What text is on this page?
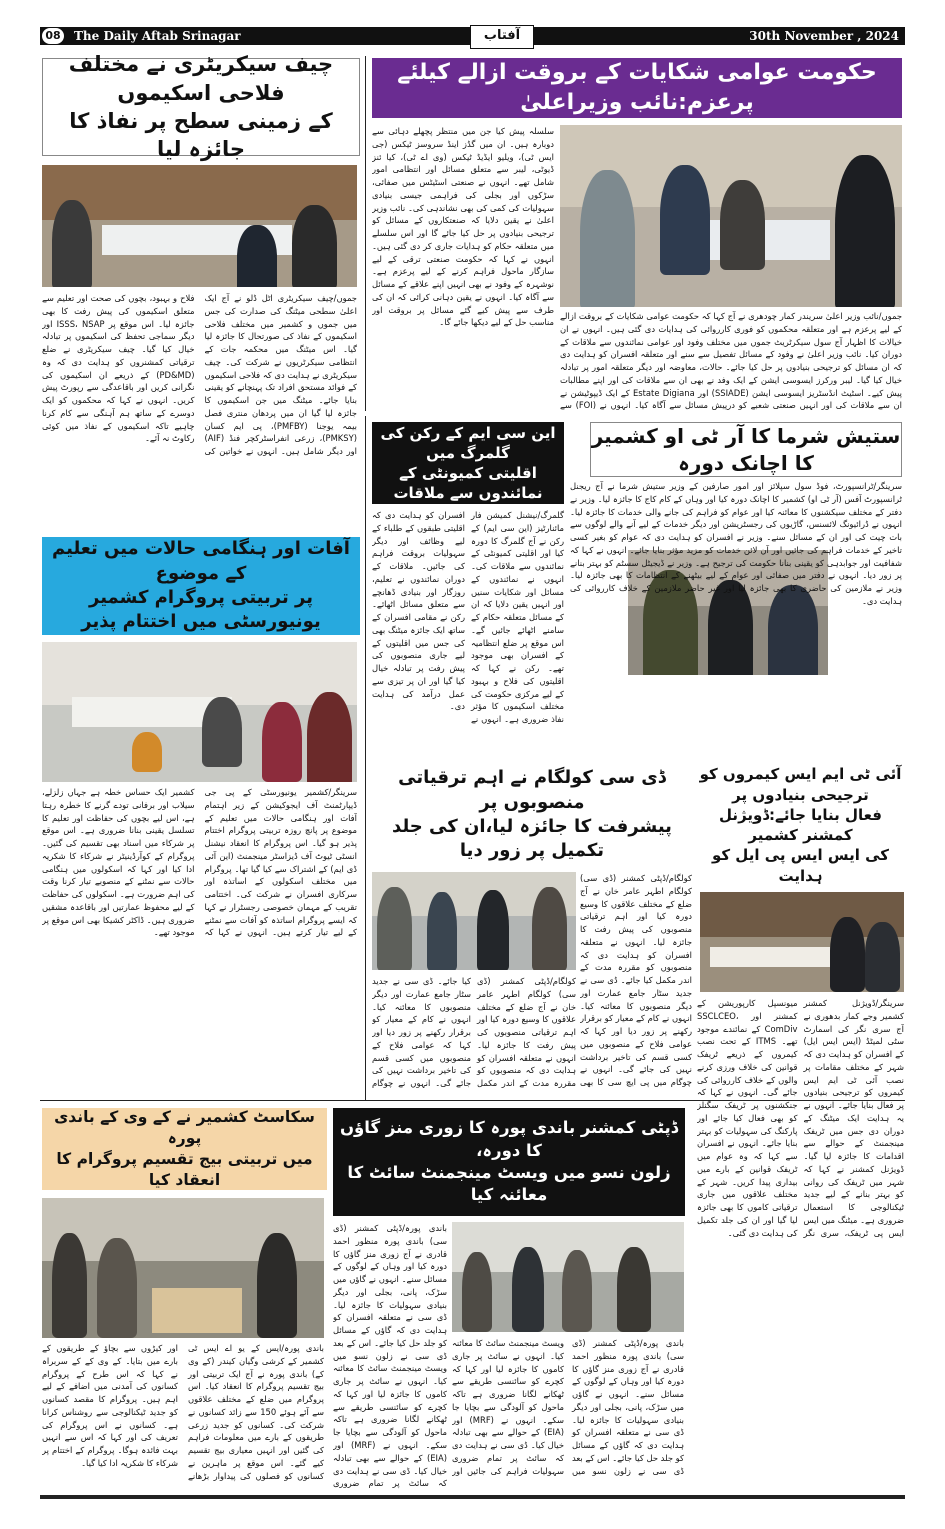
08 The Daily Aftab Srinagar	آفتاب	30th November , 2024
حکومت عوامی شکایات کے بروقت ازالے کیلئے پرعزم:نائب وزیراعلیٰ
جموں/نائب وزیر اعلیٰ سریندر کمار چودھری نے آج کہا کہ حکومت عوامی شکایات کے بروقت ازالے کے لیے پرعزم ہے اور متعلقہ محکموں کو فوری کارروائی کی ہدایات دی گئی ہیں۔ انہوں نے ان خیالات کا اظہار آج سول سیکرٹریٹ جموں میں مختلف وفود اور عوامی نمائندوں سے ملاقات کے دوران کیا۔ نائب وزیر اعلیٰ نے وفود کے مسائل تفصیل سے سنے اور متعلقہ افسران کو ہدایت دی کہ ان مسائل کو ترجیحی بنیادوں پر حل کیا جائے۔ حالات، معاوضہ اور دیگر متعلقہ امور پر تبادلہ خیال کیا گیا۔ لیبر ورکرز ایسوسی ایشن کے ایک وفد نے بھی ان سے ملاقات کی اور اپنے مطالبات پیش کیے۔ اسٹیٹ انڈسٹریز ایسوسی ایشن (SSIADE) اور Estate Digiana کے ایک ڈیپوٹیشن نے ان سے ملاقات کی اور انہیں صنعتی شعبے کو درپیش مسائل سے آگاہ کیا۔ انہوں نے (FOI) سے
سلسلہ پیش کیا جن میں منتظر پچھلے دہائی سے دوبارہ ہیں۔ ان میں گڈز اینڈ سروسز ٹیکس (جی ایس ٹی)، ویلیو ایڈیڈ ٹیکس (وی اے ٹی)، کیا ئنز ڈیوٹی، لیبر سے متعلق مسائل اور انتظامی امور شامل تھے۔ انہوں نے صنعتی اسٹیٹس میں صفائی، سڑکوں اور بجلی کی فراہمی جیسی بنیادی سہولیات کی کمی کی بھی نشاندہی کی۔ نائب وزیر اعلیٰ نے یقین دلایا کہ صنعتکاروں کے مسائل کو ترجیحی بنیادوں پر حل کیا جائے گا اور اس سلسلے میں متعلقہ حکام کو ہدایات جاری کر دی گئی ہیں۔ انہوں نے کہا کہ حکومت صنعتی ترقی کے لیے سازگار ماحول فراہم کرنے کے لیے پرعزم ہے۔ نوشہرہ کے وفود نے بھی انہیں اپنے علاقے کے مسائل سے آگاہ کیا۔ انہوں نے یقین دہانی کرائی کہ ان کی طرف سے پیش کیے گئے مسائل پر بروقت اور مناسب حل کے لیے دیکھا جائے گا۔
چیف سیکریٹری نے مختلف فلاحی اسکیموں
کے زمینی سطح پر نفاذ کا جائزہ لیا
جموں/چیف سیکریٹری اٹل ڈلو نے آج ایک اعلیٰ سطحی میٹنگ کی صدارت کی جس میں جموں و کشمیر میں مختلف فلاحی اسکیموں کے نفاذ کی صورتحال کا جائزہ لیا گیا۔ اس میٹنگ میں محکمہ جات کے انتظامی سیکرٹریوں نے شرکت کی۔ چیف سیکریٹری نے ہدایت دی کہ فلاحی اسکیموں کے فوائد مستحق افراد تک پہنچانے کو یقینی بنایا جائے۔ میٹنگ میں جن اسکیموں کا جائزہ لیا گیا ان میں پردھان منتری فصل بیمہ یوجنا (PMFBY)، پی ایم کسان (PMKSY)، زرعی انفراسٹرکچر فنڈ (AIF) اور دیگر شامل ہیں۔ انہوں نے خواتین کی فلاح و بہبود، بچوں کی صحت اور تعلیم سے متعلق اسکیموں کی پیش رفت کا بھی جائزہ لیا۔ اس موقع پر ISSS، NSAP اور دیگر سماجی تحفظ کی اسکیموں پر تبادلہ خیال کیا گیا۔ چیف سیکریٹری نے ضلع ترقیاتی کمشنروں کو ہدایت دی کہ وہ (PD&MD) کے ذریعے ان اسکیموں کی نگرانی کریں اور باقاعدگی سے رپورٹ پیش کریں۔ انہوں نے کہا کہ محکموں کو ایک دوسرے کے ساتھ ہم آہنگی سے کام کرنا چاہیے تاکہ اسکیموں کے نفاذ میں کوئی رکاوٹ نہ آئے۔
آفات اور ہنگامی حالات میں تعلیم کے موضوع
پر تربیتی پروگرام کشمیر یونیورسٹی میں اختتام پذیر
سرینگر/کشمیر یونیورسٹی کے پی جی ڈیپارٹمنٹ آف ایجوکیشن کے زیر اہتمام آفات اور ہنگامی حالات میں تعلیم کے موضوع پر پانچ روزہ تربیتی پروگرام اختتام پذیر ہو گیا۔ اس پروگرام کا انعقاد نیشنل انسٹی ٹیوٹ آف ڈیزاسٹر مینجمنٹ (این آئی ڈی ایم) کے اشتراک سے کیا گیا تھا۔ پروگرام میں مختلف اسکولوں کے اساتذہ اور سرکاری افسران نے شرکت کی۔ اختتامی تقریب کے مہمان خصوصی رجسٹرار نے کہا کہ ایسے پروگرام اساتذہ کو آفات سے نمٹنے کے لیے تیار کرتے ہیں۔ انہوں نے کہا کہ کشمیر ایک حساس خطہ ہے جہاں زلزلے، سیلاب اور برفانی تودے گرنے کا خطرہ رہتا ہے، اس لیے بچوں کی حفاظت اور تعلیم کا تسلسل یقینی بنانا ضروری ہے۔ اس موقع پر شرکاء میں اسناد بھی تقسیم کی گئیں۔ پروگرام کے کوآرڈینیٹر نے شرکاء کا شکریہ ادا کیا اور کہا کہ اسکولوں میں ہنگامی حالات سے نمٹنے کے منصوبے تیار کرنا وقت کی اہم ضرورت ہے۔ اسکولوں کی حفاظت کے لیے محفوظ عمارتیں اور باقاعدہ مشقیں ضروری ہیں۔ ڈاکٹر کشیکا بھی اس موقع پر موجود تھے۔
این سی ایم کے رکن کی گلمرگ میں
اقلیتی کمیونٹی کے نمائندوں سے ملاقات
گلمرگ/نیشنل کمیشن فار مائنارٹیز (این سی ایم) کے رکن نے آج گلمرگ کا دورہ کیا اور اقلیتی کمیونٹی کے نمائندوں سے ملاقات کی۔ انہوں نے نمائندوں کے مسائل اور شکایات سنیں اور انہیں یقین دلایا کہ ان کے مسائل متعلقہ حکام کے سامنے اٹھائے جائیں گے۔ اس موقع پر ضلع انتظامیہ کے افسران بھی موجود تھے۔ رکن نے کہا کہ اقلیتوں کی فلاح و بہبود کے لیے مرکزی حکومت کی مختلف اسکیموں کا مؤثر نفاذ ضروری ہے۔ انہوں نے افسران کو ہدایت دی کہ اقلیتی طبقوں کے طلباء کے لیے وظائف اور دیگر سہولیات بروقت فراہم کی جائیں۔ ملاقات کے دوران نمائندوں نے تعلیم، روزگار اور بنیادی ڈھانچے سے متعلق مسائل اٹھائے۔ رکن نے مقامی افسران کے ساتھ ایک جائزہ میٹنگ بھی کی جس میں اقلیتوں کے لیے جاری منصوبوں کی پیش رفت پر تبادلہ خیال کیا گیا اور ان پر تیزی سے عمل درآمد کی ہدایت دی۔
ستیش شرما کا آر ٹی او کشمیر کا اچانک دورہ
سرینگر/ٹرانسپورٹ، فوڈ سول سپلائز اور امور صارفین کے وزیر ستیش شرما نے آج ریجنل ٹرانسپورٹ آفس (آر ٹی او) کشمیر کا اچانک دورہ کیا اور وہاں کے کام کاج کا جائزہ لیا۔ وزیر نے دفتر کے مختلف سیکشنوں کا معائنہ کیا اور عوام کو فراہم کی جانے والی خدمات کا جائزہ لیا۔ انہوں نے ڈرائیونگ لائسنس، گاڑیوں کی رجسٹریشن اور دیگر خدمات کے لیے آنے والے لوگوں سے بات چیت کی اور ان کے مسائل سنے۔ وزیر نے افسران کو ہدایت دی کہ عوام کو بغیر کسی تاخیر کے خدمات فراہم کی جائیں اور آن لائن خدمات کو مزید مؤثر بنایا جائے۔ انہوں نے کہا کہ شفافیت اور جوابدہی کو یقینی بنانا حکومت کی ترجیح ہے۔ وزیر نے ڈیجیٹل سسٹم کو بہتر بنانے پر زور دیا۔ انہوں نے دفتر میں صفائی اور عوام کے لیے بیٹھنے کے انتظامات کا بھی جائزہ لیا۔ وزیر نے ملازمین کی حاضری کا بھی جائزہ لیا اور غیر حاضر ملازمین کے خلاف کارروائی کی ہدایت دی۔
ڈی سی کولگام نے اہم ترقیاتی منصوبوں پر
پیشرفت کا جائزہ لیا،ان کی جلد تکمیل پر زور دیا
کولگام/ڈپٹی کمشنر (ڈی سی) کولگام اطہر عامر خان نے آج ضلع کے مختلف علاقوں کا وسیع دورہ کیا اور اہم ترقیاتی منصوبوں کی پیش رفت کا جائزہ لیا۔ انہوں نے متعلقہ افسران کو ہدایت دی کہ منصوبوں کو مقررہ مدت کے اندر مکمل کیا جائے۔ ڈی سی نے جدید سٹار جامع عمارت اور دیگر منصوبوں کا معائنہ کیا۔ انہوں نے کام کے معیار کو برقرار رکھنے پر زور دیا اور کہا کہ عوامی فلاح کے منصوبوں میں کسی قسم کی تاخیر برداشت نہیں کی جائے گی۔ انہوں نے چوگام میں پی ایچ سی کا بھی
کولگام/ڈپٹی کمشنر (ڈی سی) کولگام اطہر عامر خان نے آج ضلع کے مختلف علاقوں کا وسیع دورہ کیا اور اہم ترقیاتی منصوبوں کی پیش رفت کا جائزہ لیا۔ انہوں نے متعلقہ افسران کو ہدایت دی کہ منصوبوں کو مقررہ مدت کے اندر مکمل کیا جائے۔ ڈی سی نے جدید سٹار جامع عمارت اور دیگر منصوبوں کا معائنہ کیا۔ انہوں نے کام کے معیار کو برقرار رکھنے پر زور دیا اور کہا کہ عوامی فلاح کے منصوبوں میں کسی قسم کی تاخیر برداشت نہیں کی جائے گی۔ انہوں نے چوگام
آئی ٹی ایم ایس کیمروں کو ترجیحی بنیادوں پر
فعال بنایا جائے:ڈویژنل کمشنر کشمیر
کی ایس ایس پی ایل کو ہدایت
سرینگر/ڈویژنل کمشنر کشمیر وجے کمار بدھوری نے آج سری نگر کی اسمارٹ سٹی لمیٹڈ (ایس ایس ایل) کے افسران کو ہدایت دی کہ شہر کے مختلف مقامات پر نصب آئی ٹی ایم ایس کیمروں کو ترجیحی بنیادوں پر فعال بنایا جائے۔ انہوں نے یہ ہدایت ایک میٹنگ کے دوران دی جس میں ٹریفک مینجمنٹ کے حوالے سے اقدامات کا جائزہ لیا گیا۔ ڈویژنل کمشنر نے کہا کہ شہر میں ٹریفک کی روانی کو بہتر بنانے کے لیے جدید ٹیکنالوجی کا استعمال ضروری ہے۔ میٹنگ میں ایس ایس پی ٹریفک، سری نگر میونسپل کارپوریشن کے کمشنر اور SSCLCEO، ComDiv کے نمائندے موجود تھے۔ ITMS کے تحت نصب کیمروں کے ذریعے ٹریفک قوانین کی خلاف ورزی کرنے والوں کے خلاف کارروائی کی جائے گی۔ انہوں نے کہا کہ جنکشنوں پر ٹریفک سگنلز کو بھی فعال کیا جائے اور پارکنگ کی سہولیات کو بہتر بنایا جائے۔ انہوں نے افسران سے کہا کہ وہ عوام میں ٹریفک قوانین کے بارے میں بیداری پیدا کریں۔ شہر کے مختلف علاقوں میں جاری ترقیاتی کاموں کا بھی جائزہ لیا گیا اور ان کی جلد تکمیل کی ہدایت دی گئی۔
سکاسٹ کشمیر نے کے وی کے باندی پورہ
میں تربیتی بیج تقسیم پروگرام کا انعقاد کیا
باندی پورہ/ایس کے یو اے ایس ٹی کشمیر کے کرشی وگیان کیندر (کے وی کے) باندی پورہ نے آج ایک تربیتی اور بیج تقسیم پروگرام کا انعقاد کیا۔ اس پروگرام میں ضلع کے مختلف علاقوں سے آئے ہوئے 150 سے زائد کسانوں نے شرکت کی۔ کسانوں کو جدید زرعی طریقوں کے بارے میں معلومات فراہم کی گئیں اور انہیں معیاری بیج تقسیم کیے گئے۔ اس موقع پر ماہرین نے کسانوں کو فصلوں کی پیداوار بڑھانے اور کیڑوں سے بچاؤ کے طریقوں کے بارے میں بتایا۔ کے وی کے کے سربراہ نے کہا کہ اس طرح کے پروگرام کسانوں کی آمدنی میں اضافے کے لیے اہم ہیں۔ پروگرام کا مقصد کسانوں کو جدید ٹیکنالوجی سے روشناس کرانا ہے۔ کسانوں نے اس پروگرام کی تعریف کی اور کہا کہ اس سے انہیں بہت فائدہ ہوگا۔ پروگرام کے اختتام پر شرکاء کا شکریہ ادا کیا گیا۔
ڈپٹی کمشنر باندی پورہ کا زوری منز گاؤں کا دورہ،
زلون نسو میں ویسٹ مینجمنٹ سائٹ کا معائنہ کیا
باندی پورہ/ڈپٹی کمشنر (ڈی سی) باندی پورہ منظور احمد قادری نے آج زوری منز گاؤں کا دورہ کیا اور وہاں کے لوگوں کے مسائل سنے۔ انہوں نے گاؤں میں سڑک، پانی، بجلی اور دیگر بنیادی سہولیات کا جائزہ لیا۔ ڈی سی نے متعلقہ افسران کو ہدایت دی کہ گاؤں کے مسائل کو جلد حل کیا جائے۔ اس کے بعد ڈی سی نے زلون نسو میں ویسٹ مینجمنٹ سائٹ کا معائنہ کیا۔ انہوں نے سائٹ پر جاری کاموں کا جائزہ لیا اور کہا کہ کچرے کو سائنسی طریقے سے ٹھکانے لگانا ضروری ہے تاکہ ماحول کو آلودگی سے بچایا جا سکے۔ انہوں نے (MRF) اور (EIA) کے حوالے سے بھی تبادلہ خیال کیا۔ ڈی سی نے ہدایت دی کہ سائٹ پر تمام ضروری
باندی پورہ/ڈپٹی کمشنر (ڈی سی) باندی پورہ منظور احمد قادری نے آج زوری منز گاؤں کا دورہ کیا اور وہاں کے لوگوں کے مسائل سنے۔ انہوں نے گاؤں میں سڑک، پانی، بجلی اور دیگر بنیادی سہولیات کا جائزہ لیا۔ ڈی سی نے متعلقہ افسران کو ہدایت دی کہ گاؤں کے مسائل کو جلد حل کیا جائے۔ اس کے بعد ڈی سی نے زلون نسو میں ویسٹ مینجمنٹ سائٹ کا معائنہ کیا۔ انہوں نے سائٹ پر جاری کاموں کا جائزہ لیا اور کہا کہ کچرے کو سائنسی طریقے سے ٹھکانے لگانا ضروری ہے تاکہ ماحول کو آلودگی سے بچایا جا سکے۔ انہوں نے (MRF) اور (EIA) کے حوالے سے بھی تبادلہ خیال کیا۔ ڈی سی نے ہدایت دی کہ سائٹ پر تمام ضروری سہولیات فراہم کی جائیں اور
